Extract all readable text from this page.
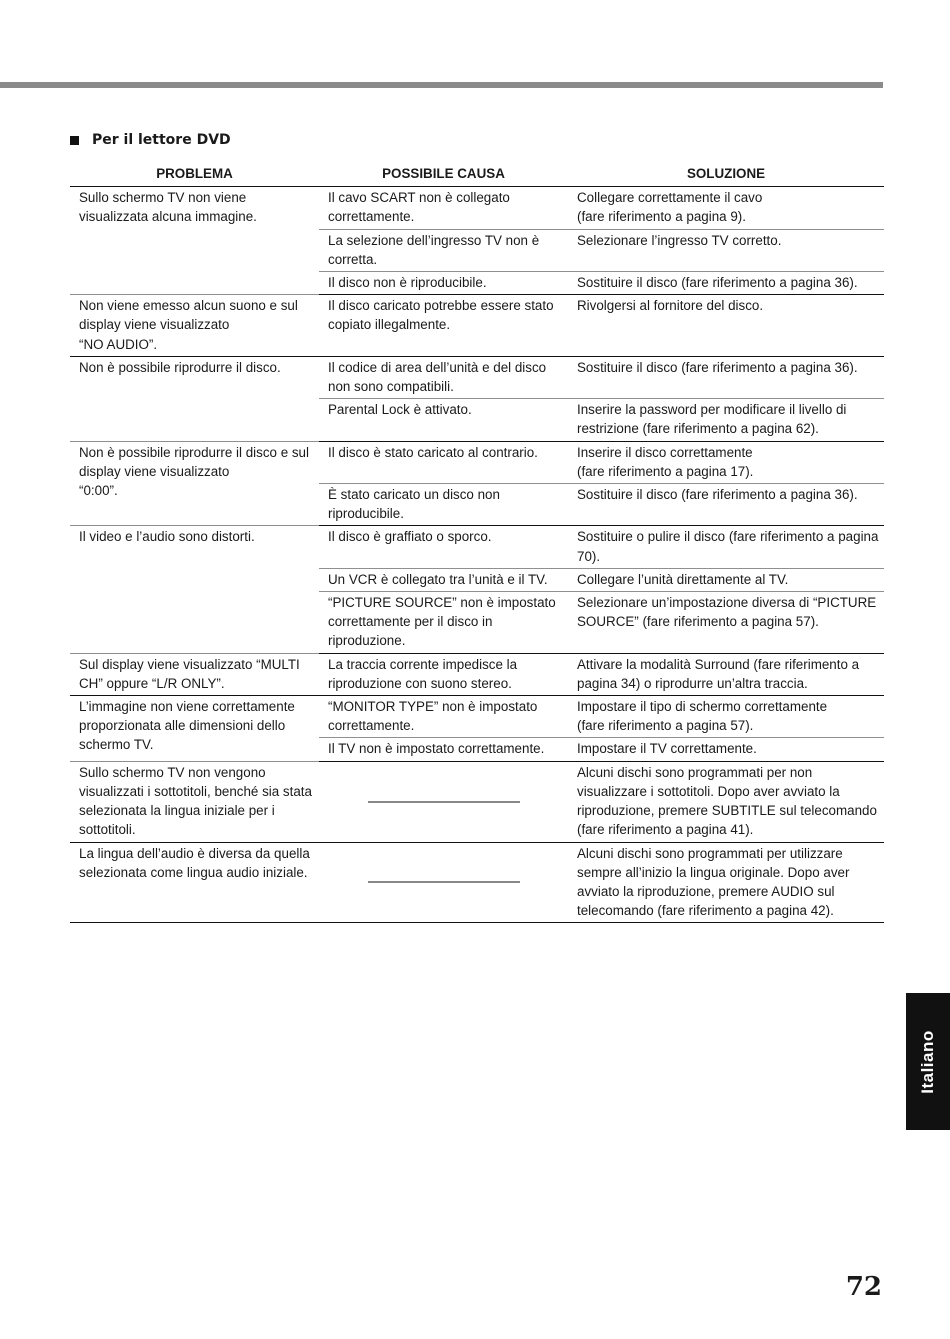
Per il lettore DVD
PROBLEMA	POSSIBILE CAUSA	SOLUZIONE
Sullo schermo TV non viene visualizzata alcuna immagine.	Il cavo SCART non è collegato correttamente.	Collegare correttamente il cavo
(fare riferimento a pagina 9).
	La selezione dell’ingresso TV non è corretta.	Selezionare l’ingresso TV corretto.
	Il disco non è riproducibile.	Sostituire il disco (fare riferimento a pagina 36).
Non viene emesso alcun suono e sul display viene visualizzato
“NO AUDIO”.	Il disco caricato potrebbe essere stato copiato illegalmente.	Rivolgersi al fornitore del disco.
Non è possibile riprodurre il disco.	Il codice di area dell’unità e del disco non sono compatibili.	Sostituire il disco (fare riferimento a pagina 36).
	Parental Lock è attivato.	Inserire la password per modificare il livello di restrizione (fare riferimento a pagina 62).
Non è possibile riprodurre il disco e sul display viene visualizzato
“0:00”.	Il disco è stato caricato al contrario.	Inserire il disco correttamente
(fare riferimento a pagina 17).
	È stato caricato un disco non riproducibile.	Sostituire il disco (fare riferimento a pagina 36).
Il video e l’audio sono distorti.	Il disco è graffiato o sporco.	Sostituire o pulire il disco (fare riferimento a pagina 70).
	Un VCR è collegato tra l’unità e il TV.	Collegare l’unità direttamente al TV.
	“PICTURE SOURCE” non è impostato correttamente per il disco in riproduzione.	Selezionare un’impostazione diversa di “PICTURE SOURCE” (fare riferimento a pagina 57).
Sul display viene visualizzato “MULTI CH” oppure “L/R ONLY”.	La traccia corrente impedisce la riproduzione con suono stereo.	Attivare la modalità Surround (fare riferimento a pagina 34) o riprodurre un’altra traccia.
L’immagine non viene correttamente proporzionata alle dimensioni dello schermo TV.	“MONITOR TYPE” non è impostato correttamente.	Impostare il tipo di schermo correttamente
(fare riferimento a pagina 57).
	Il TV non è impostato correttamente.	Impostare il TV correttamente.
Sullo schermo TV non vengono visualizzati i sottotitoli, benché sia stata selezionata la lingua iniziale per i sottotitoli.		Alcuni dischi sono programmati per non visualizzare i sottotitoli. Dopo aver avviato la riproduzione, premere SUBTITLE sul telecomando (fare riferimento a pagina 41).
La lingua dell’audio è diversa da quella selezionata come lingua audio iniziale.		Alcuni dischi sono programmati per utilizzare sempre all’inizio la lingua originale. Dopo aver avviato la riproduzione, premere AUDIO sul telecomando (fare riferimento a pagina 42).
Italiano
72
